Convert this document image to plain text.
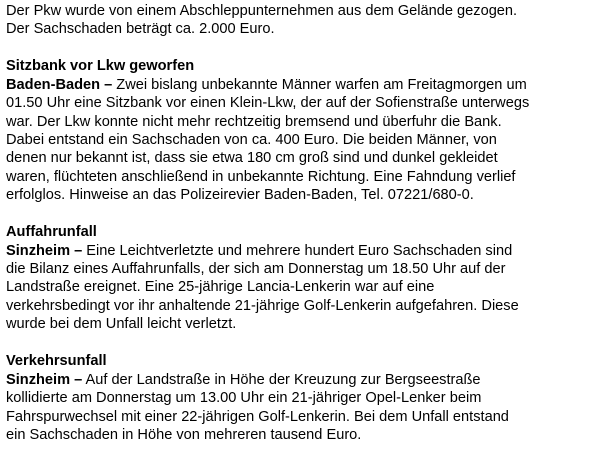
Der Pkw wurde von einem Abschleppunternehmen aus dem Gelände gezogen.

Der Sachschaden beträgt ca. 2.000 Euro.

Sitzbank vor Lkw geworfen

Baden-Baden – Zwei bislang unbekannte Männer warfen am Freitagmorgen um

01.50 Uhr eine Sitzbank vor einen Klein-Lkw, der auf der Sofienstraße unterwegs

war. Der Lkw konnte nicht mehr rechtzeitig bremsend und überfuhr die Bank.

Dabei entstand ein Sachschaden von ca. 400 Euro. Die beiden Männer, von

denen nur bekannt ist, dass sie etwa 180 cm groß sind und dunkel gekleidet

waren, flüchteten anschließend in unbekannte Richtung. Eine Fahndung verlief

erfolglos. Hinweise an das Polizeirevier Baden-Baden, Tel. 07221/680-0.

Auffahrunfall

Sinzheim – Eine Leichtverletzte und mehrere hundert Euro Sachschaden sind

die Bilanz eines Auffahrunfalls, der sich am Donnerstag um 18.50 Uhr auf der

Landstraße ereignet. Eine 25-jährige Lancia-Lenkerin war auf eine

verkehrsbedingt vor ihr anhaltende 21-jährige Golf-Lenkerin aufgefahren. Diese

wurde bei dem Unfall leicht verletzt.

Verkehrsunfall

Sinzheim – Auf der Landstraße in Höhe der Kreuzung zur Bergseestraße

kollidierte am Donnerstag um 13.00 Uhr ein 21-jähriger Opel-Lenker beim

Fahrspurwechsel mit einer 22-jährigen Golf-Lenkerin. Bei dem Unfall entstand

ein Sachschaden in Höhe von mehreren tausend Euro.
